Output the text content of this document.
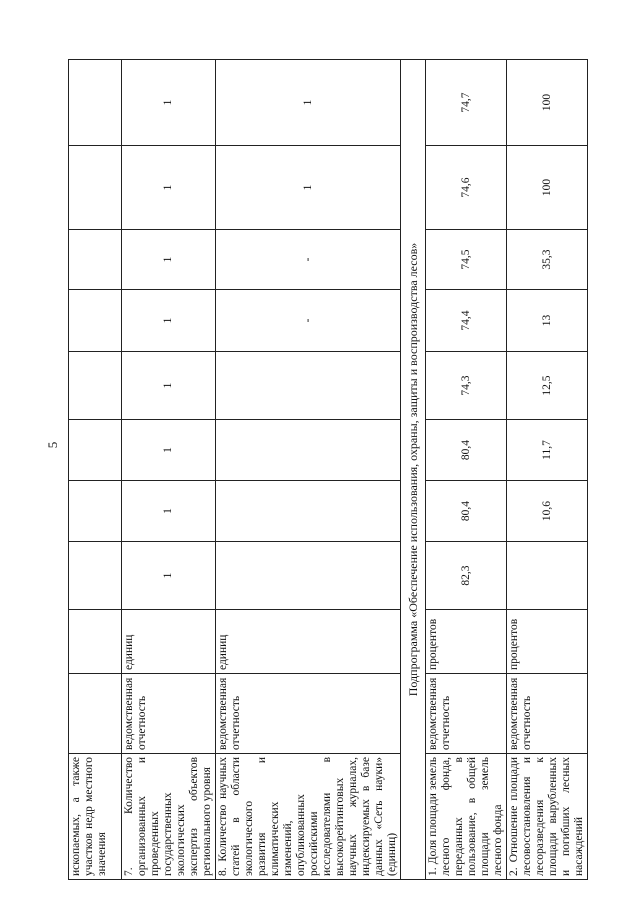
5
ископаемых, а также участков недр местного значения										
7. Количество организованных и проведенных государственных экологических экспертиз объектов регионального уровня	ведомственная отчетность	единиц	1	1	1	1	1	1	1	1
8. Количество научных статей в области экологического развития и климатических изменений, опубликованных российскими исследователями в высокорейтинговых научных журналах, индексируемых в базе данных «Сеть науки» (единиц)	ведомственная отчетность	единиц					-	-	1	1
Подпрограмма «Обеспечение использования, охраны, защиты и воспроизводства лесов»										
1. Доля площади земель лесного фонда, переданных в пользование, в общей площади земель лесного фонда	ведомственная отчетность	процентов	82,3	80,4	80,4	74,3	74,4	74,5	74,6	74,7
2. Отношение площади лесовосстановления и лесоразведения к площади вырубленных и погибших лесных насаждений	ведомственная отчетность	процентов		10,6	11,7	12,5	13	35,3	100	100
